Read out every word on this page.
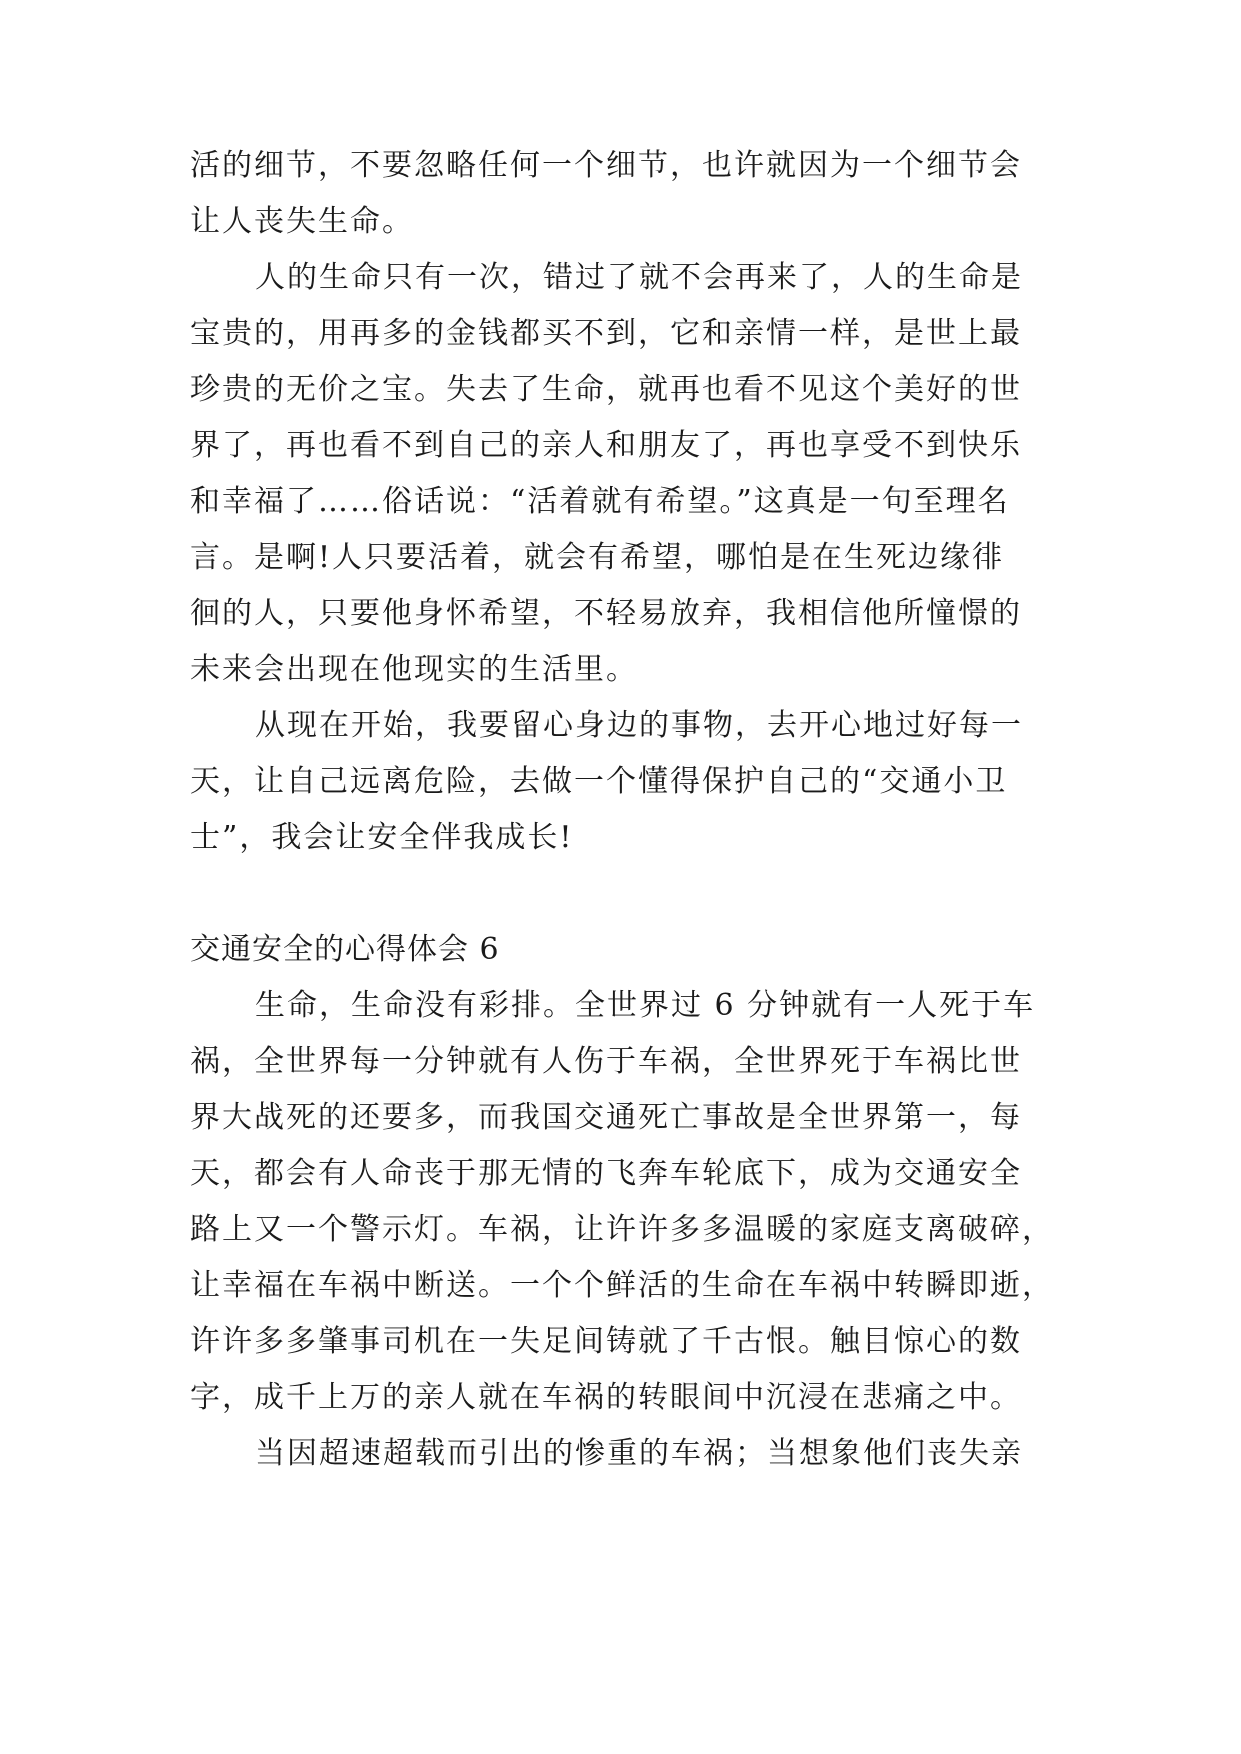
活的细节，不要忽略任何一个细节，也许就因为一个细节会
让人丧失生命。
人的生命只有一次，错过了就不会再来了，人的生命是
宝贵的，用再多的金钱都买不到，它和亲情一样，是世上最
珍贵的无价之宝。失去了生命，就再也看不见这个美好的世
界了，再也看不到自己的亲人和朋友了，再也享受不到快乐
和幸福了……俗话说：“活着就有希望。”这真是一句至理名
言。是啊!人只要活着，就会有希望，哪怕是在生死边缘徘
徊的人，只要他身怀希望，不轻易放弃，我相信他所憧憬的
未来会出现在他现实的生活里。
从现在开始，我要留心身边的事物，去开心地过好每一
天，让自己远离危险，去做一个懂得保护自己的“交通小卫
士”，我会让安全伴我成长!
交通安全的心得体会 6
生命，生命没有彩排。全世界过 6 分钟就有一人死于车
祸，全世界每一分钟就有人伤于车祸，全世界死于车祸比世
界大战死的还要多，而我国交通死亡事故是全世界第一，每
天，都会有人命丧于那无情的飞奔车轮底下，成为交通安全
路上又一个警示灯。车祸，让许许多多温暖的家庭支离破碎，
让幸福在车祸中断送。一个个鲜活的生命在车祸中转瞬即逝，
许许多多肇事司机在一失足间铸就了千古恨。触目惊心的数
字，成千上万的亲人就在车祸的转眼间中沉浸在悲痛之中。
当因超速超载而引出的惨重的车祸；当想象他们丧失亲
